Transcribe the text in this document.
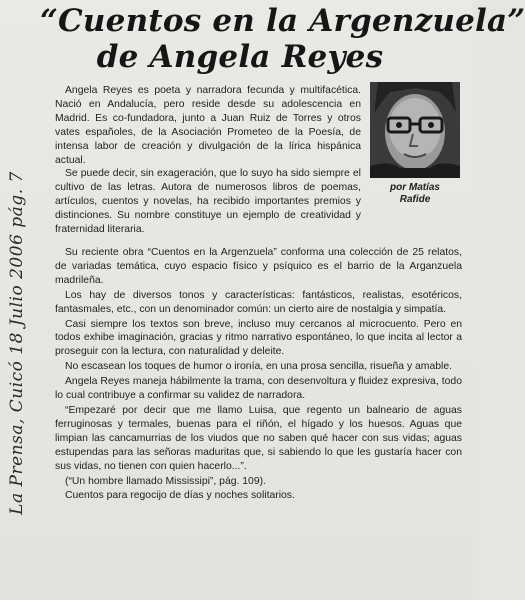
“Cuentos en la Argenzuela”
de Angela Reyes
La Prensa, Cuicó 18 Julio 2006 pág. 7	por Matías
Rafide

Angela Reyes es poeta y narradora fecunda y multifacética. Nació en Andalucía, pero reside desde su adolescencia en Madrid. Es co-fundadora, junto a Juan Ruiz de Torres y otros vates españoles, de la Asociación Prometeo de la Poesía, de intensa labor de creación y divulgación de la lírica hispánica actual.

Se puede decir, sin exageración, que lo suyo ha sido siempre el cultivo de las letras. Autora de numerosos libros de poemas, artículos, cuentos y novelas, ha recibido importantes premios y distinciones. Su nombre constituye un ejemplo de creatividad y fraternidad literaria.

Su reciente obra “Cuentos en la Argenzuela” conforma una colección de 25 relatos, de variadas temática, cuyo espacio físico y psíquico es el barrio de la Arganzuela madrileña.

Los hay de diversos tonos y características: fantásticos, realistas, esotéricos, fantasmales, etc., con un denominador común: un cierto aire de nostalgia y simpatía.

Casi siempre los textos son breve, incluso muy cercanos al microcuento. Pero en todos exhibe imaginación, gracias y ritmo narrativo espontáneo, lo que incita al lector a proseguir con la lectura, con naturalidad y deleite.

No escasean los toques de humor o ironía, en una prosa sencilla, risueña y amable.

Angela Reyes maneja hábilmente la trama, con desenvoltura y fluidez expresiva, todo lo cual contribuye a confirmar su validez de narradora.

“Empezaré por decir que me llamo Luisa, que regento un balneario de aguas ferruginosas y termales, buenas para el riñón, el hígado y los huesos. Aguas que limpian las cancamurrias de los viudos que no saben qué hacer con sus vidas; aguas estupendas para las señoras maduritas que, si sabiendo lo que les gustaría hacer con sus vidas, no tienen con quien hacerlo...”.

(“Un hombre llamado Mississipi”, pág. 109).

Cuentos para regocijo de días y noches solitarios.
